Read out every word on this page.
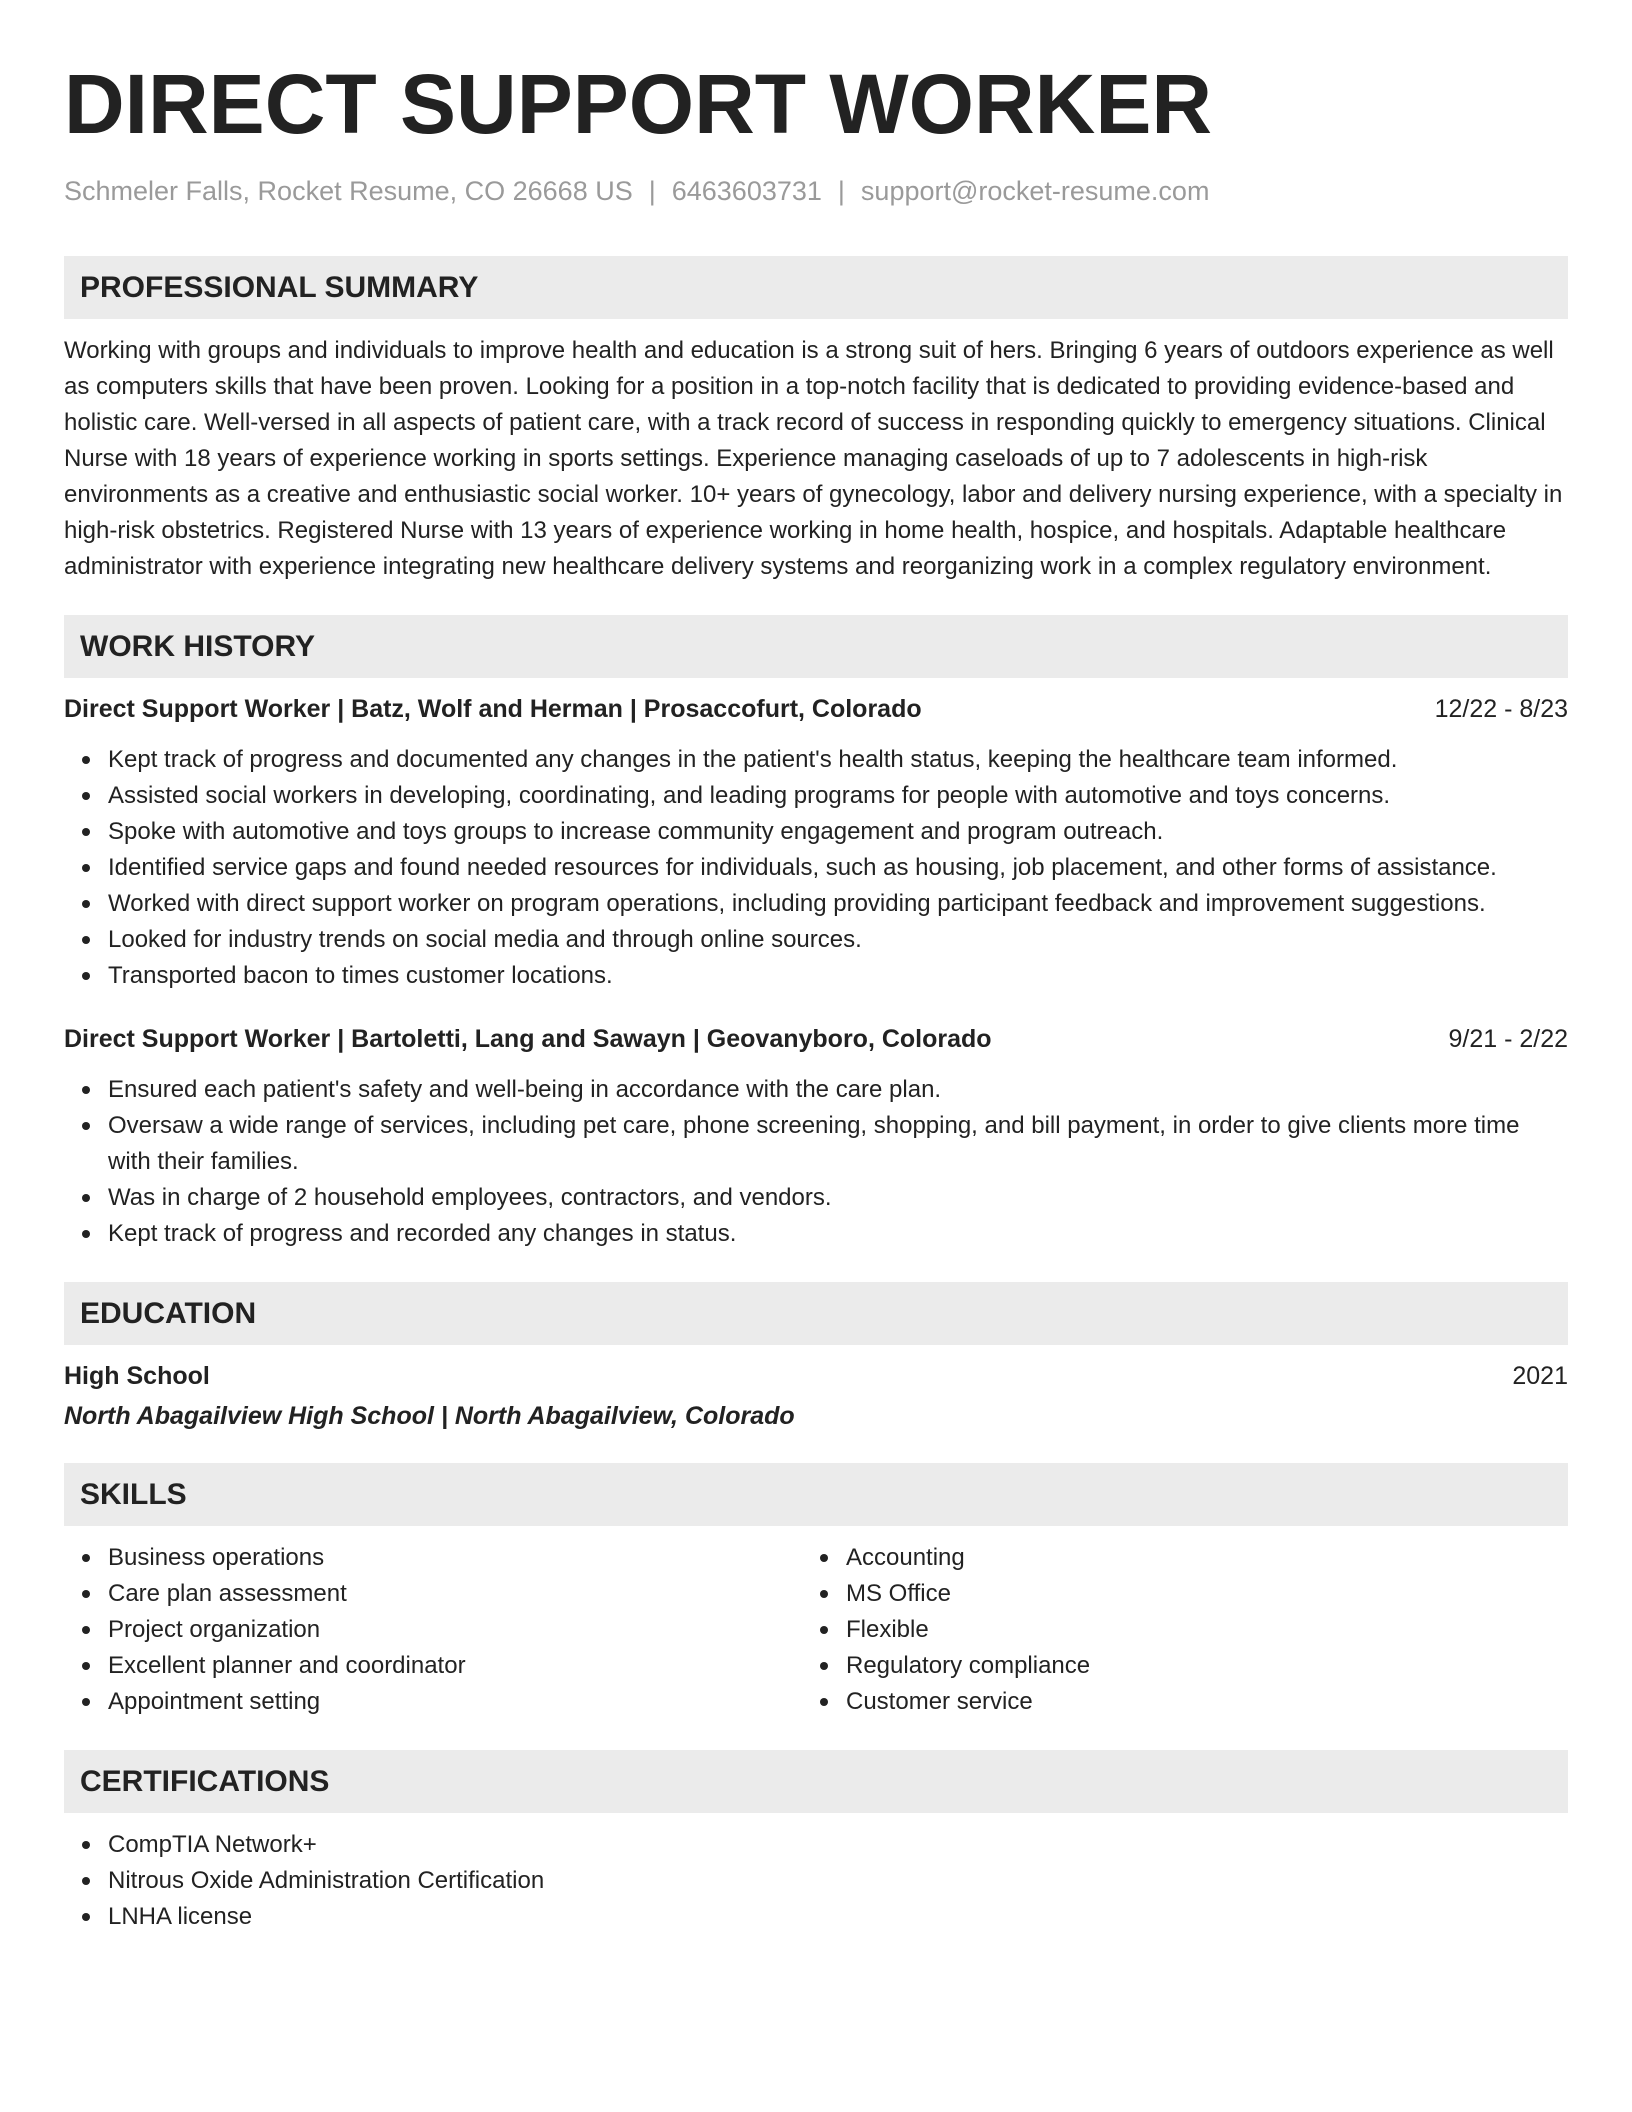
DIRECT SUPPORT WORKER
Schmeler Falls, Rocket Resume, CO 26668 US | 6463603731 | support@rocket-resume.com
PROFESSIONAL SUMMARY
Working with groups and individuals to improve health and education is a strong suit of hers. Bringing 6 years of outdoors experience as well as computers skills that have been proven. Looking for a position in a top-notch facility that is dedicated to providing evidence-based and holistic care. Well-versed in all aspects of patient care, with a track record of success in responding quickly to emergency situations. Clinical Nurse with 18 years of experience working in sports settings. Experience managing caseloads of up to 7 adolescents in high-risk environments as a creative and enthusiastic social worker. 10+ years of gynecology, labor and delivery nursing experience, with a specialty in high-risk obstetrics. Registered Nurse with 13 years of experience working in home health, hospice, and hospitals. Adaptable healthcare administrator with experience integrating new healthcare delivery systems and reorganizing work in a complex regulatory environment.
WORK HISTORY
Direct Support Worker | Batz, Wolf and Herman | Prosaccofurt, Colorado	12/22 - 8/23
Kept track of progress and documented any changes in the patient's health status, keeping the healthcare team informed.
Assisted social workers in developing, coordinating, and leading programs for people with automotive and toys concerns.
Spoke with automotive and toys groups to increase community engagement and program outreach.
Identified service gaps and found needed resources for individuals, such as housing, job placement, and other forms of assistance.
Worked with direct support worker on program operations, including providing participant feedback and improvement suggestions.
Looked for industry trends on social media and through online sources.
Transported bacon to times customer locations.
Direct Support Worker | Bartoletti, Lang and Sawayn | Geovanyboro, Colorado	9/21 - 2/22
Ensured each patient's safety and well-being in accordance with the care plan.
Oversaw a wide range of services, including pet care, phone screening, shopping, and bill payment, in order to give clients more time with their families.
Was in charge of 2 household employees, contractors, and vendors.
Kept track of progress and recorded any changes in status.
EDUCATION
High School	2021
North Abagailview High School | North Abagailview, Colorado
SKILLS
Business operations
Care plan assessment
Project organization
Excellent planner and coordinator
Appointment setting
Accounting
MS Office
Flexible
Regulatory compliance
Customer service
CERTIFICATIONS
CompTIA Network+
Nitrous Oxide Administration Certification
LNHA license
